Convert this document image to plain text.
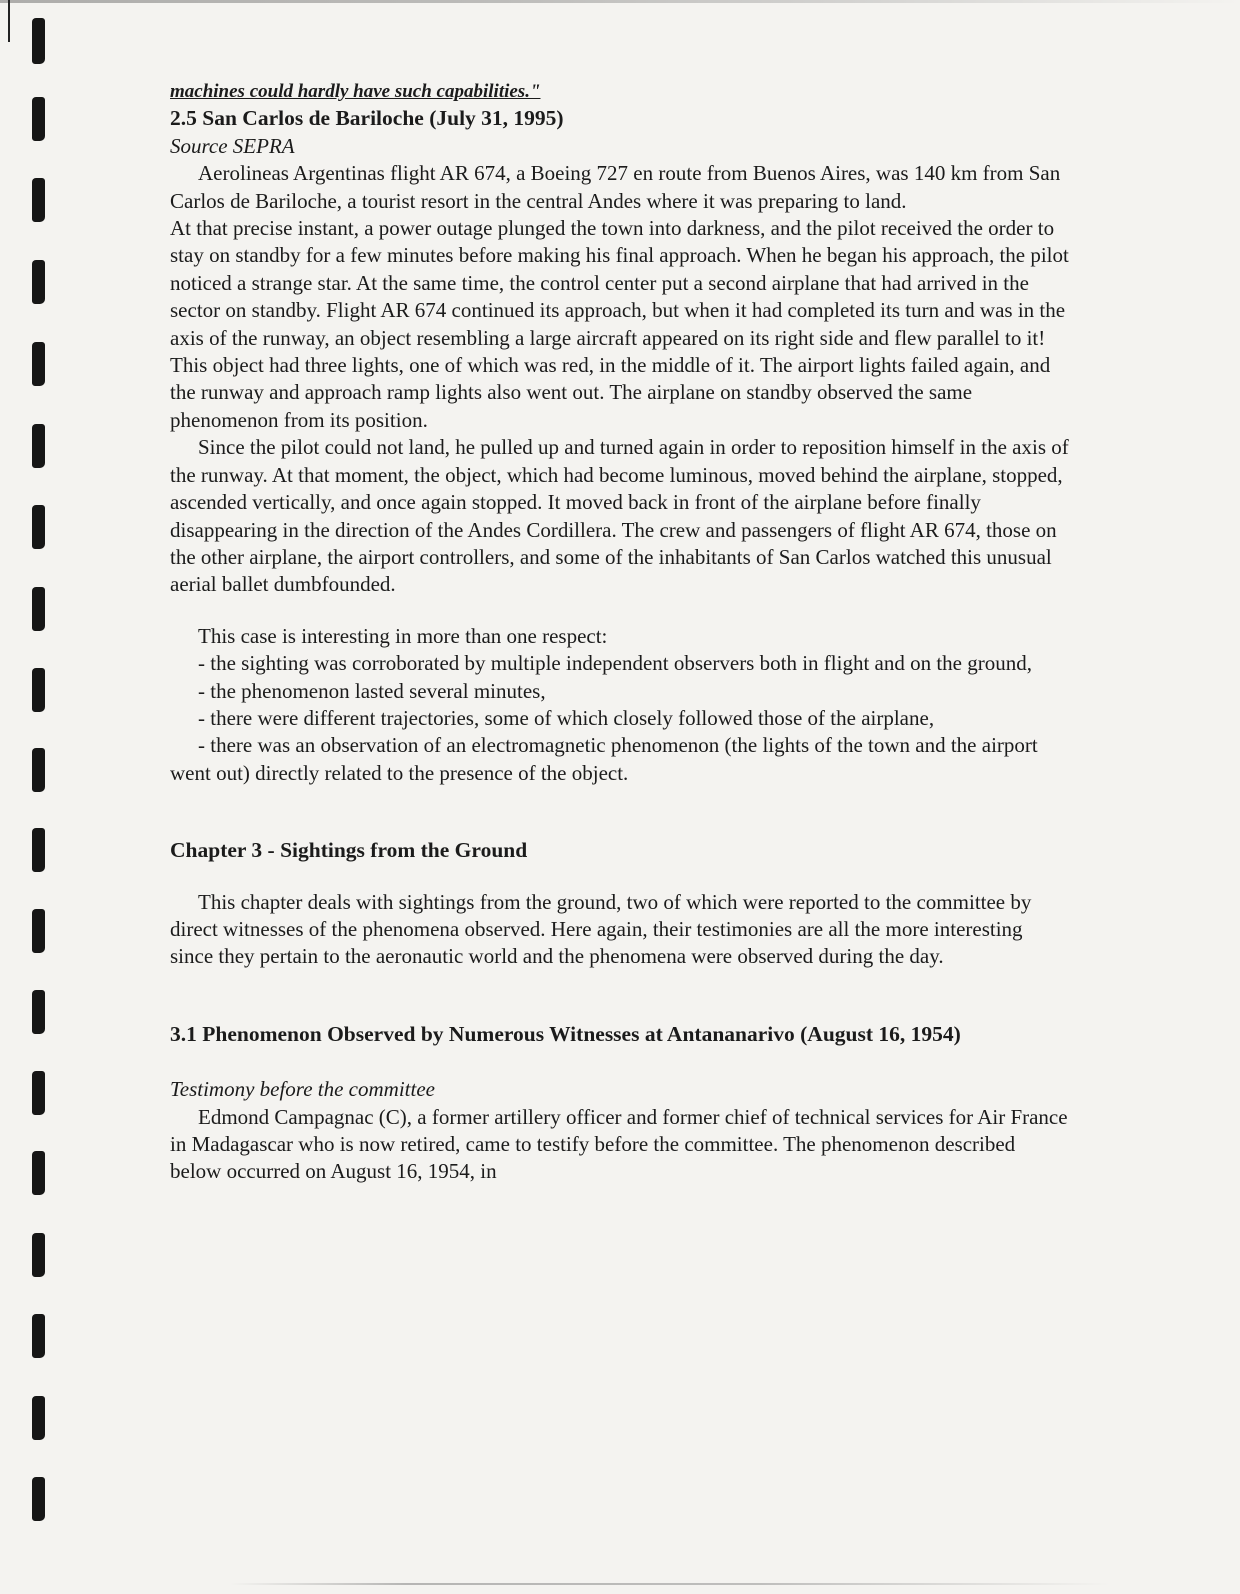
machines could hardly have such capabilities."

2.5 San Carlos de Bariloche (July 31, 1995)

Source SEPRA

Aerolineas Argentinas flight AR 674, a Boeing 727 en route from Buenos Aires, was 140 km from San Carlos de Bariloche, a tourist resort in the central Andes where it was preparing to land.

At that precise instant, a power outage plunged the town into darkness, and the pilot received the order to stay on standby for a few minutes before making his final approach. When he began his approach, the pilot noticed a strange star. At the same time, the control center put a second airplane that had arrived in the sector on standby. Flight AR 674 continued its approach, but when it had completed its turn and was in the axis of the runway, an object resembling a large aircraft appeared on its right side and flew parallel to it! This object had three lights, one of which was red, in the middle of it. The airport lights failed again, and the runway and approach ramp lights also went out. The airplane on standby observed the same phenomenon from its position.

Since the pilot could not land, he pulled up and turned again in order to reposition himself in the axis of the runway. At that moment, the object, which had become luminous, moved behind the airplane, stopped, ascended vertically, and once again stopped. It moved back in front of the airplane before finally disappearing in the direction of the Andes Cordillera. The crew and passengers of flight AR 674, those on the other airplane, the airport controllers, and some of the inhabitants of San Carlos watched this unusual aerial ballet dumbfounded.

This case is interesting in more than one respect:

- the sighting was corroborated by multiple independent observers both in flight and on the ground,

- the phenomenon lasted several minutes,

- there were different trajectories, some of which closely followed those of the airplane,

- there was an observation of an electromagnetic phenomenon (the lights of the town and the airport went out) directly related to the presence of the object.

Chapter 3 - Sightings from the Ground

This chapter deals with sightings from the ground, two of which were reported to the committee by direct witnesses of the phenomena observed. Here again, their testimonies are all the more interesting since they pertain to the aeronautic world and the phenomena were observed during the day.

3.1 Phenomenon Observed by Numerous Witnesses at Antananarivo (August 16, 1954)

Testimony before the committee

Edmond Campagnac (C), a former artillery officer and former chief of technical services for Air France in Madagascar who is now retired, came to testify before the committee. The phenomenon described below occurred on August 16, 1954, in
